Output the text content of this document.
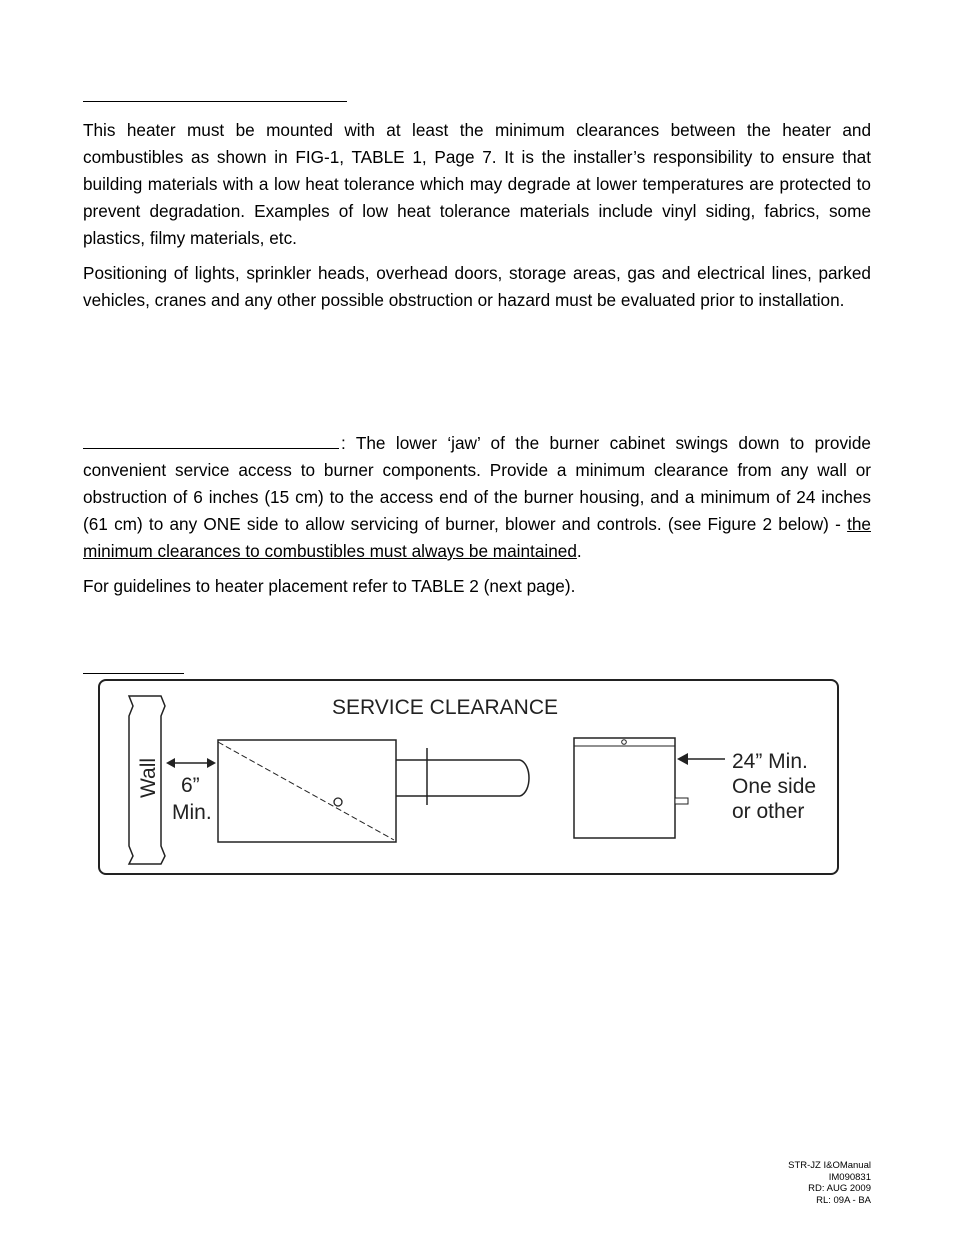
This heater must be mounted with at least the minimum clearances between the heater and combustibles as shown in FIG-1, TABLE 1, Page 7. It is the installer’s responsibility to ensure that building materials with a low heat tolerance which may degrade at lower temperatures are protected to prevent degradation. Examples of low heat tolerance materials include vinyl siding, fabrics, some plastics, filmy materials, etc.

Positioning of lights, sprinkler heads, overhead doors, storage areas, gas and electrical lines, parked vehicles, cranes and any other possible obstruction or hazard must be evaluated prior to installation.

: The lower ‘jaw’ of the burner cabinet swings down to provide convenient service access to burner components. Provide a minimum clearance from any wall or obstruction of 6 inches (15 cm) to the access end of the burner housing, and a minimum of 24 inches (61 cm) to any ONE side to allow servicing of burner, blower and controls. (see Figure 2 below) - the minimum clearances to combustibles must always be maintained.

For guidelines to heater placement refer to TABLE 2 (next page).

SERVICE CLEARANCE
Wall 6”
Min.
24” Min.
One side
or other
STR-JZ I&OManual
IM090831
RD: AUG 2009
RL: 09A - BA
